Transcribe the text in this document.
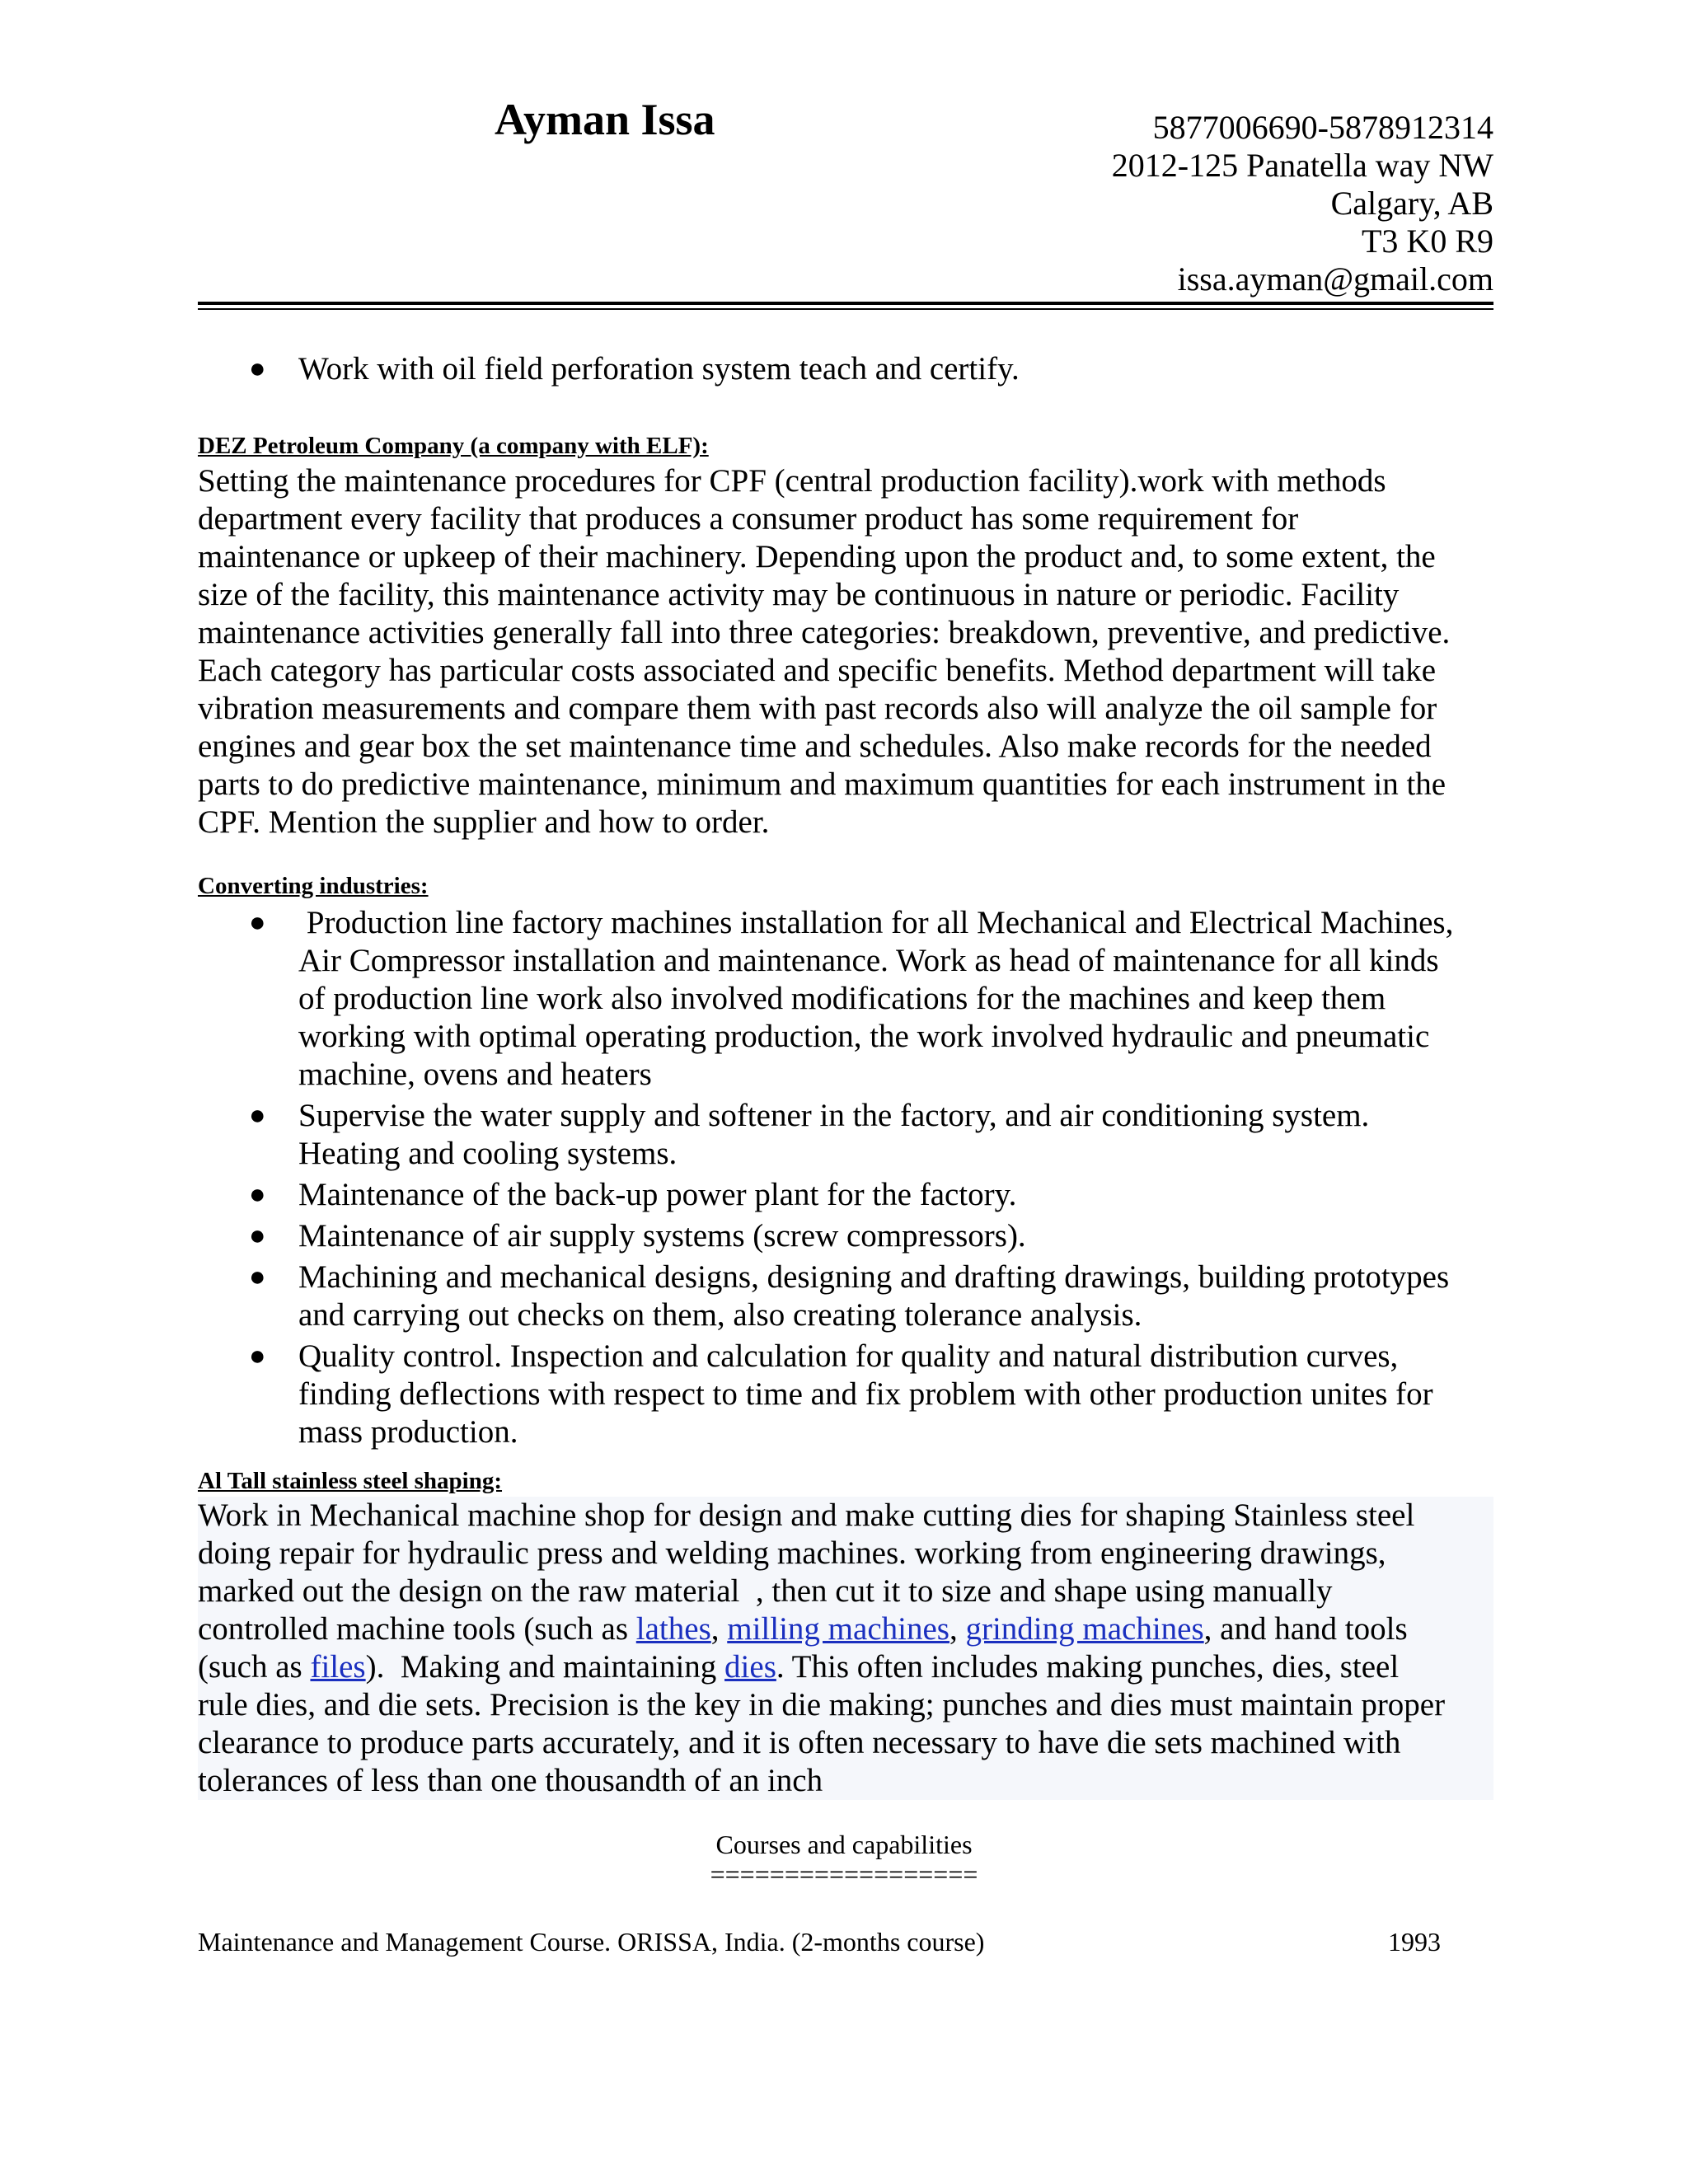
Ayman Issa	5877006690-5878912314
2012-125 Panatella way NW
Calgary, AB
T3 K0 R9
issa.ayman@gmail.com
● Work with oil field perforation system teach and certify.
DEZ Petroleum Company (a company with ELF):
Setting the maintenance procedures for CPF (central production facility).work with methods
department every facility that produces a consumer product has some requirement for
maintenance or upkeep of their machinery. Depending upon the product and, to some extent, the
size of the facility, this maintenance activity may be continuous in nature or periodic. Facility
maintenance activities generally fall into three categories: breakdown, preventive, and predictive.
Each category has particular costs associated and specific benefits. Method department will take
vibration measurements and compare them with past records also will analyze the oil sample for
engines and gear box the set maintenance time and schedules. Also make records for the needed
parts to do predictive maintenance, minimum and maximum quantities for each instrument in the
CPF. Mention the supplier and how to order.
Converting industries:
● Production line factory machines installation for all Mechanical and Electrical Machines,
Air Compressor installation and maintenance. Work as head of maintenance for all kinds
of production line work also involved modifications for the machines and keep them
working with optimal operating production, the work involved hydraulic and pneumatic
machine, ovens and heaters
● Supervise the water supply and softener in the factory, and air conditioning system.
Heating and cooling systems.
● Maintenance of the back-up power plant for the factory.
● Maintenance of air supply systems (screw compressors).
● Machining and mechanical designs, designing and drafting drawings, building prototypes
and carrying out checks on them, also creating tolerance analysis.
● Quality control. Inspection and calculation for quality and natural distribution curves,
finding deflections with respect to time and fix problem with other production unites for
mass production.
Al Tall stainless steel shaping:
Work in Mechanical machine shop for design and make cutting dies for shaping Stainless steel
doing repair for hydraulic press and welding machines. working from engineering drawings,
marked out the design on the raw material  , then cut it to size and shape using manually
controlled machine tools (such as lathes, milling machines, grinding machines, and hand tools
(such as files).  Making and maintaining dies. This often includes making punches, dies, steel
rule dies, and die sets. Precision is the key in die making; punches and dies must maintain proper
clearance to produce parts accurately, and it is often necessary to have die sets machined with
tolerances of less than one thousandth of an inch
Courses and capabilities
==================
Maintenance and Management Course. ORISSA, India. (2-months course)	1993
